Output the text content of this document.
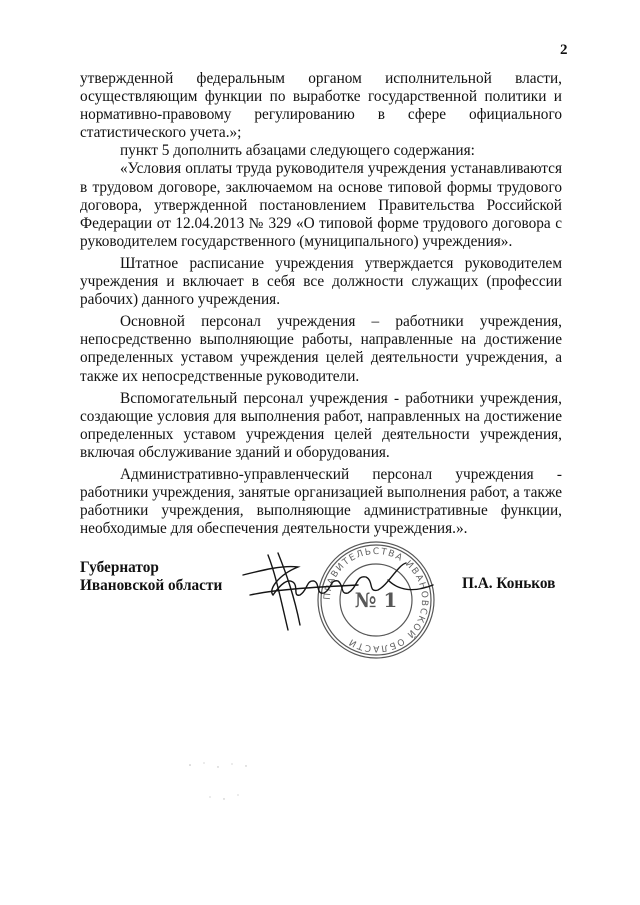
2

утвержденной федеральным органом исполнительной власти, осуществляющим функции по выработке государственной политики и нормативно-правовому регулированию в сфере официального статистического учета.»;

пункт 5 дополнить абзацами следующего содержания:

«Условия оплаты труда руководителя учреждения устанавливаются в трудовом договоре, заключаемом на основе типовой формы трудового договора, утвержденной постановлением Правительства Российской Федерации от 12.04.2013 № 329 «О типовой форме трудового договора с руководителем государственного (муниципального) учреждения».

Штатное расписание учреждения утверждается руководителем учреждения и включает в себя все должности служащих (профессии рабочих) данного учреждения.

Основной персонал учреждения – работники учреждения, непосредственно выполняющие работы, направленные на достижение определенных уставом учреждения целей деятельности учреждения, а также их непосредственные руководители.

Вспомогательный персонал учреждения - работники учреждения, создающие условия для выполнения работ, направленных на достижение определенных уставом учреждения целей деятельности учреждения, включая обслуживание зданий и оборудования.

Административно-управленческий персонал учреждения - работники учреждения, занятые организацией выполнения работ, а также работники учреждения, выполняющие административные функции, необходимые для обеспечения деятельности учреждения.».

Губернатор
Ивановской области
ПРАВИТЕЛЬСТВА ИВАНОВСКОЙ ОБЛАСТИ
№ 1
П.А. Коньков
